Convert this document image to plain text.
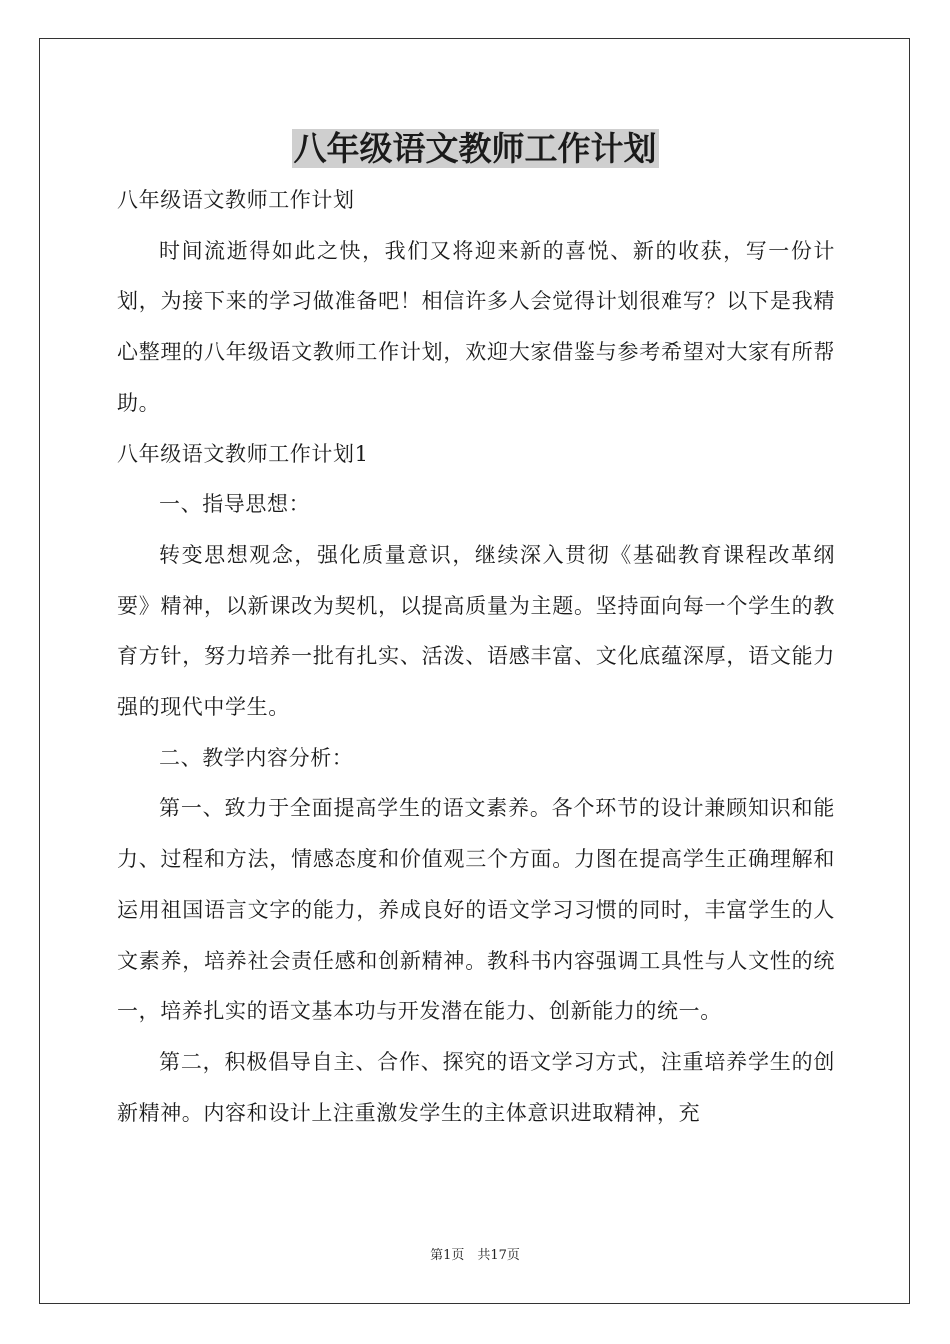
八年级语文教师工作计划

八年级语文教师工作计划

时间流逝得如此之快，我们又将迎来新的喜悦、新的收获，写一份计划，为接下来的学习做准备吧！相信许多人会觉得计划很难写？以下是我精心整理的八年级语文教师工作计划，欢迎大家借鉴与参考希望对大家有所帮助。

八年级语文教师工作计划1

一、指导思想：

转变思想观念，强化质量意识，继续深入贯彻《基础教育课程改革纲要》精神，以新课改为契机，以提高质量为主题。坚持面向每一个学生的教育方针，努力培养一批有扎实、活泼、语感丰富、文化底蕴深厚，语文能力强的现代中学生。

二、教学内容分析：

第一、致力于全面提高学生的语文素养。各个环节的设计兼顾知识和能力、过程和方法，情感态度和价值观三个方面。力图在提高学生正确理解和运用祖国语言文字的能力，养成良好的语文学习习惯的同时，丰富学生的人文素养，培养社会责任感和创新精神。教科书内容强调工具性与人文性的统一，培养扎实的语文基本功与开发潜在能力、创新能力的统一。

第二，积极倡导自主、合作、探究的语文学习方式，注重培养学生的创新精神。内容和设计上注重激发学生的主体意识进取精神，充

第1页　共17页
